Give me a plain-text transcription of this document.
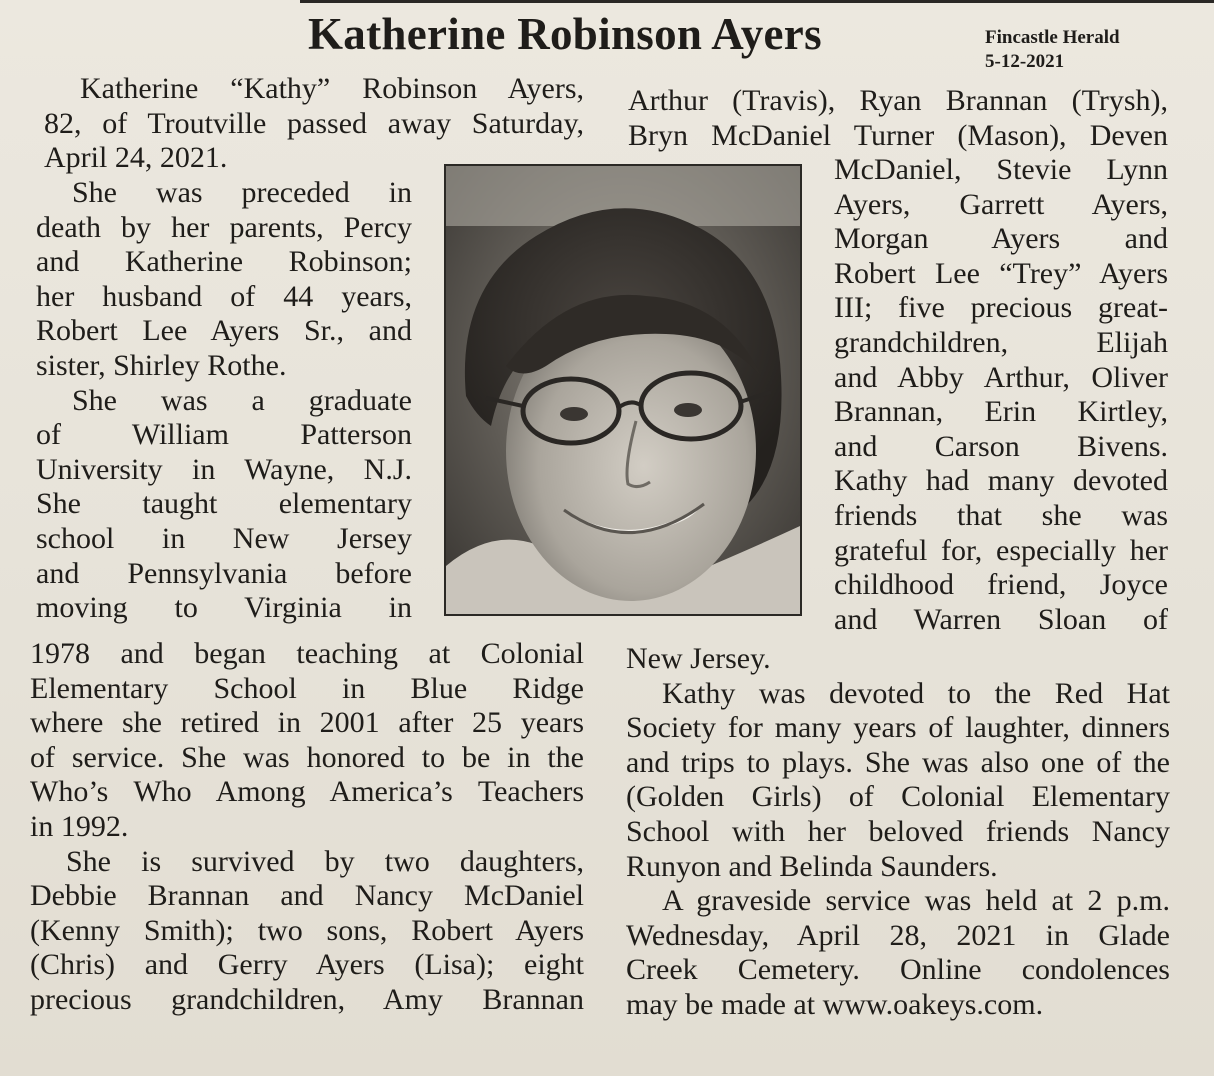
Katherine Robinson Ayers	Fincastle Herald
5-12-2021
Katherine “Kathy” Robinson Ayers,
82, of Troutville passed away Saturday,
April 24, 2021.
She was preceded in
death by her parents, Percy
and Katherine Robinson;
her husband of 44 years,
Robert Lee Ayers Sr., and
sister, Shirley Rothe.
She was a graduate
of William Patterson
University in Wayne, N.J.
She taught elementary
school in New Jersey
and Pennsylvania before
moving to Virginia in
1978 and began teaching at Colonial
Elementary School in Blue Ridge
where she retired in 2001 after 25 years
of service. She was honored to be in the
Who’s Who Among America’s Teachers
in 1992.
She is survived by two daughters,
Debbie Brannan and Nancy McDaniel
(Kenny Smith); two sons, Robert Ayers
(Chris) and Gerry Ayers (Lisa); eight
precious grandchildren, Amy Brannan
Arthur (Travis), Ryan Brannan (Trysh),
Bryn McDaniel Turner (Mason), Deven
McDaniel, Stevie Lynn
Ayers, Garrett Ayers,
Morgan Ayers and
Robert Lee “Trey” Ayers
III; five precious great-
grandchildren, Elijah
and Abby Arthur, Oliver
Brannan, Erin Kirtley,
and Carson Bivens.
Kathy had many devoted
friends that she was
grateful for, especially her
childhood friend, Joyce
and Warren Sloan of
New Jersey.
Kathy was devoted to the Red Hat
Society for many years of laughter, dinners
and trips to plays. She was also one of the
(Golden Girls) of Colonial Elementary
School with her beloved friends Nancy
Runyon and Belinda Saunders.
A graveside service was held at 2 p.m.
Wednesday, April 28, 2021 in Glade
Creek Cemetery. Online condolences
may be made at www.oakeys.com.
